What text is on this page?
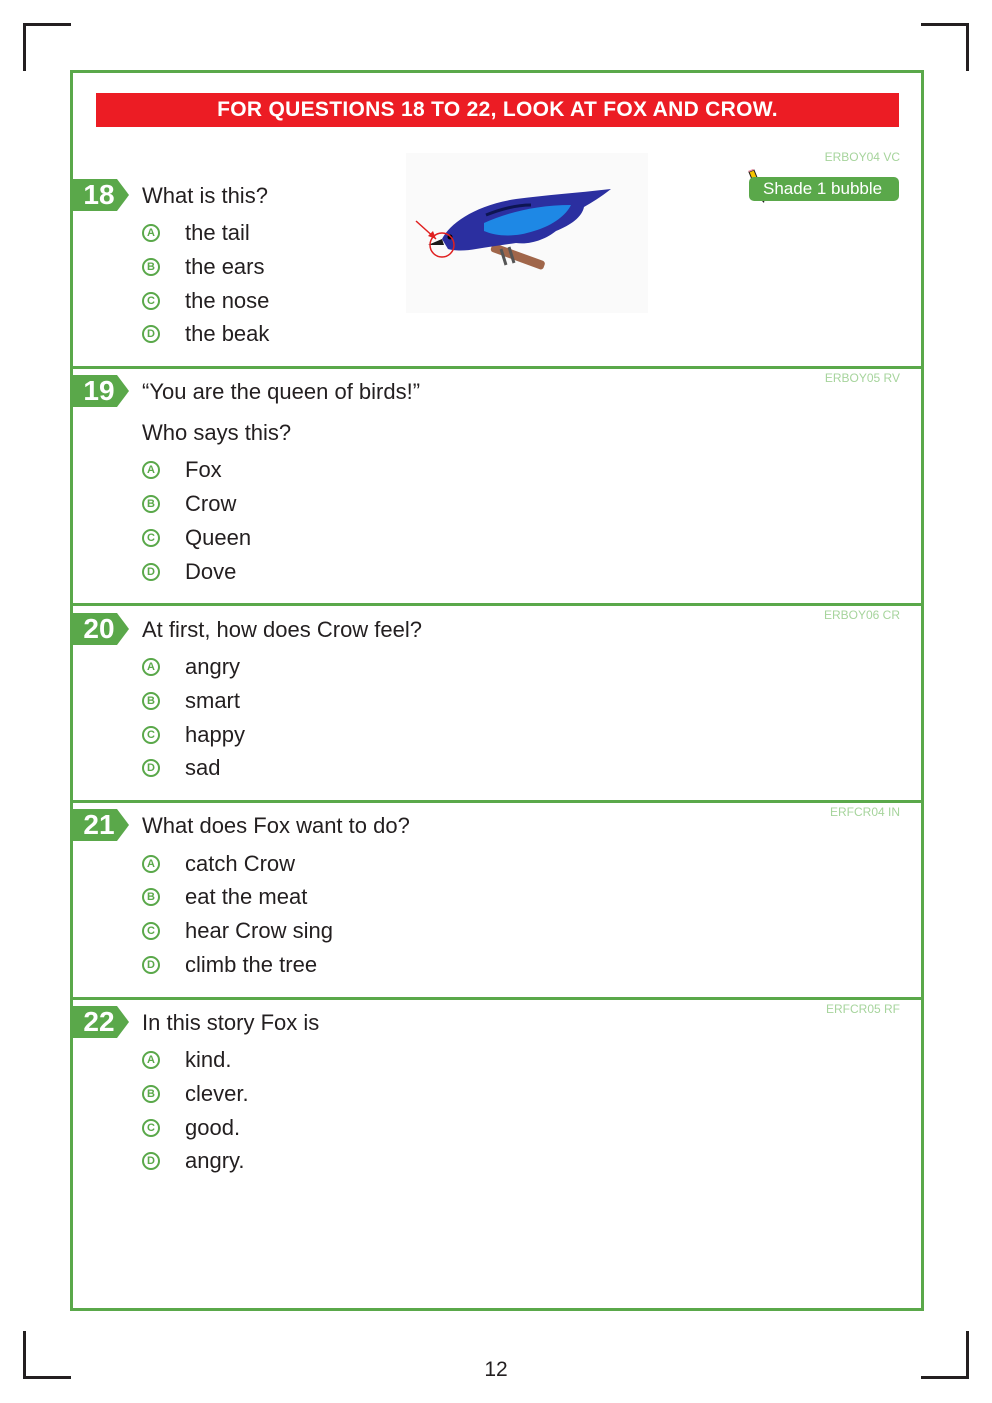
FOR QUESTIONS 18 TO 22, LOOK AT FOX AND CROW.
ERBOY04 VC
18 What is this?
A the tail
B the ears
C the nose
D the beak
Shade 1 bubble
ERBOY05 RV
19 “You are the queen of birds!”
Who says this?
A Fox
B Crow
C Queen
D Dove
ERBOY06 CR
20 At first, how does Crow feel?
A angry
B smart
C happy
D sad
ERFCR04 IN
21 What does Fox want to do?
A catch Crow
B eat the meat
C hear Crow sing
D climb the tree
ERFCR05 RF
22 In this story Fox is
A kind.
B clever.
C good.
D angry.
12
